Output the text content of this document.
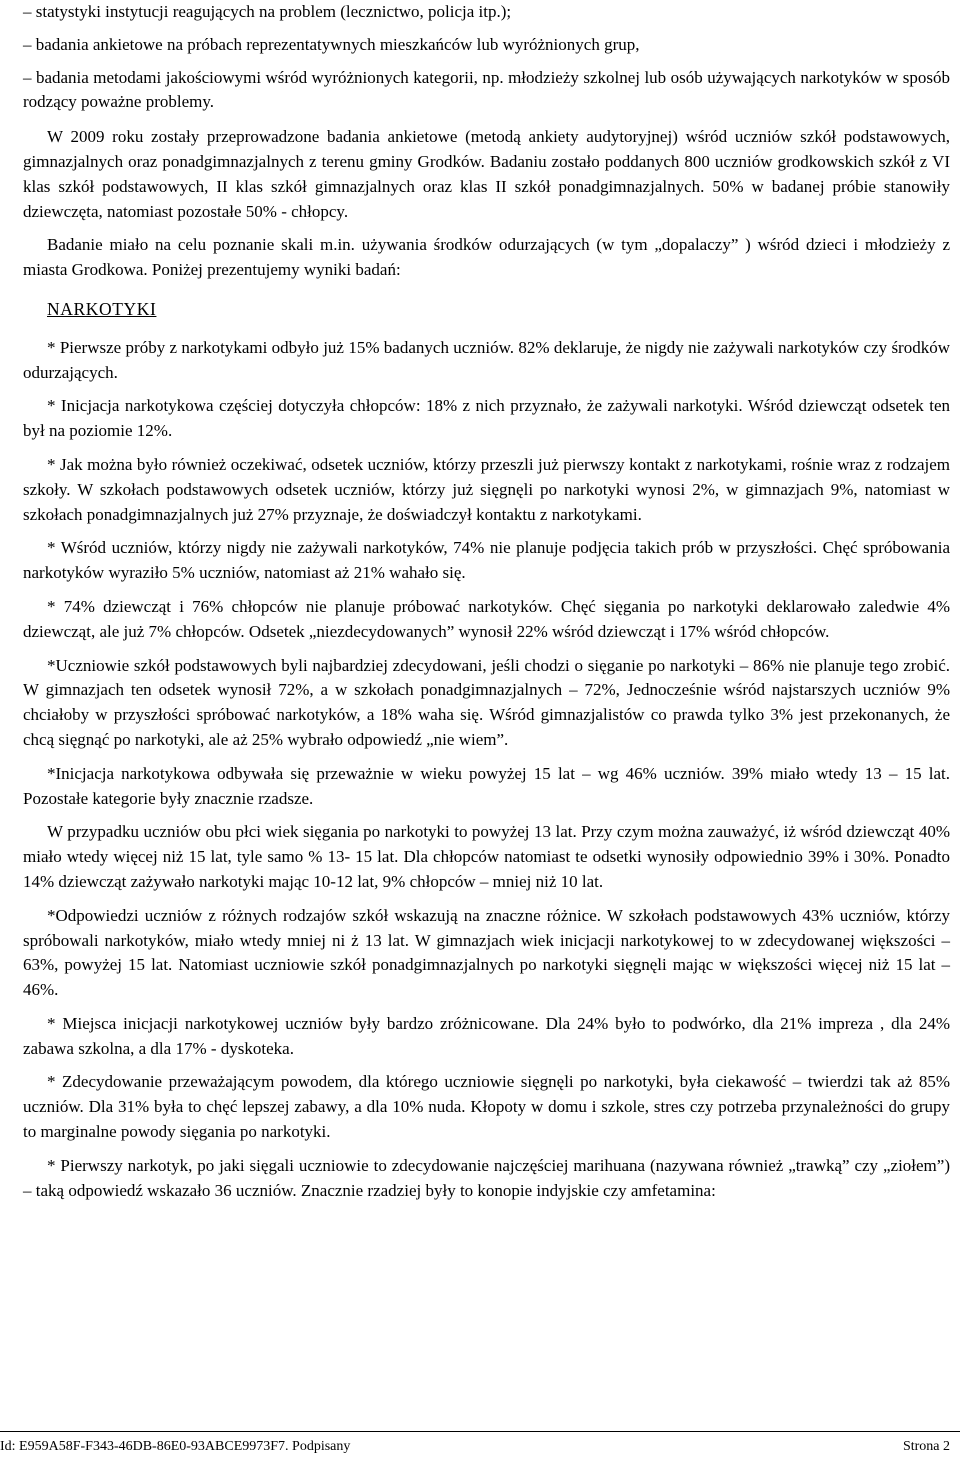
– statystyki instytucji reagujących na problem (lecznictwo, policja itp.);

– badania ankietowe na próbach reprezentatywnych mieszkańców lub wyróżnionych grup,

– badania metodami jakościowymi wśród wyróżnionych kategorii, np. młodzieży szkolnej lub osób używających narkotyków w sposób rodzący poważne problemy.

W 2009 roku zostały przeprowadzone badania ankietowe (metodą ankiety audytoryjnej) wśród uczniów szkół podstawowych, gimnazjalnych oraz ponadgimnazjalnych z terenu gminy Grodków. Badaniu zostało poddanych 800 uczniów grodkowskich szkół z VI klas szkół podstawowych, II klas szkół gimnazjalnych oraz klas II szkół ponadgimnazjalnych. 50% w badanej próbie stanowiły dziewczęta, natomiast pozostałe 50% - chłopcy.

Badanie miało na celu poznanie skali m.in. używania środków odurzających (w tym „dopalaczy” ) wśród dzieci i młodzieży z miasta Grodkowa. Poniżej prezentujemy wyniki badań:

NARKOTYKI

* Pierwsze próby z narkotykami odbyło już 15% badanych uczniów. 82% deklaruje, że nigdy nie zażywali narkotyków czy środków odurzających.

* Inicjacja narkotykowa częściej dotyczyła chłopców: 18% z nich przyznało, że zażywali narkotyki. Wśród dziewcząt odsetek ten był na poziomie 12%.

* Jak można było również oczekiwać, odsetek uczniów, którzy przeszli już pierwszy kontakt z narkotykami, rośnie wraz z rodzajem szkoły. W szkołach podstawowych odsetek uczniów, którzy już sięgnęli po narkotyki wynosi 2%, w gimnazjach 9%, natomiast w szkołach ponadgimnazjalnych już 27% przyznaje, że doświadczył kontaktu z narkotykami.

* Wśród uczniów, którzy nigdy nie zażywali narkotyków, 74% nie planuje podjęcia takich prób w przyszłości. Chęć spróbowania narkotyków wyraziło 5% uczniów, natomiast aż 21% wahało się.

* 74% dziewcząt i 76% chłopców nie planuje próbować narkotyków. Chęć sięgania po narkotyki deklarowało zaledwie 4% dziewcząt, ale już 7% chłopców. Odsetek „niezdecydowanych” wynosił 22% wśród dziewcząt i 17% wśród chłopców.

*Uczniowie szkół podstawowych byli najbardziej zdecydowani, jeśli chodzi o sięganie po narkotyki – 86% nie planuje tego zrobić. W gimnazjach ten odsetek wynosił 72%, a w szkołach ponadgimnazjalnych – 72%, Jednocześnie wśród najstarszych uczniów 9% chciałoby w przyszłości spróbować narkotyków, a 18% waha się. Wśród gimnazjalistów co prawda tylko 3% jest przekonanych, że chcą sięgnąć po narkotyki, ale aż 25% wybrało odpowiedź „nie wiem”.

*Inicjacja narkotykowa odbywała się przeważnie w wieku powyżej 15 lat – wg 46% uczniów. 39% miało wtedy 13 – 15 lat. Pozostałe kategorie były znacznie rzadsze.

W przypadku uczniów obu płci wiek sięgania po narkotyki to powyżej 13 lat. Przy czym można zauważyć, iż wśród dziewcząt 40% miało wtedy więcej niż 15 lat, tyle samo % 13- 15 lat. Dla chłopców natomiast te odsetki wynosiły odpowiednio 39% i 30%. Ponadto 14% dziewcząt zażywało narkotyki mając 10-12 lat, 9% chłopców – mniej niż 10 lat.

*Odpowiedzi uczniów z różnych rodzajów szkół wskazują na znaczne różnice. W szkołach podstawowych 43% uczniów, którzy spróbowali narkotyków, miało wtedy mniej ni ż 13 lat. W gimnazjach wiek inicjacji narkotykowej to w zdecydowanej większości – 63%, powyżej 15 lat. Natomiast uczniowie szkół ponadgimnazjalnych po narkotyki sięgnęli mając w większości więcej niż 15 lat – 46%.

* Miejsca inicjacji narkotykowej uczniów były bardzo zróżnicowane. Dla 24% było to podwórko, dla 21% impreza , dla 24% zabawa szkolna, a dla 17% - dyskoteka.

* Zdecydowanie przeważającym powodem, dla którego uczniowie sięgnęli po narkotyki, była ciekawość – twierdzi tak aż 85% uczniów. Dla 31% była to chęć lepszej zabawy, a dla 10% nuda. Kłopoty w domu i szkole, stres czy potrzeba przynależności do grupy to marginalne powody sięgania po narkotyki.

* Pierwszy narkotyk, po jaki sięgali uczniowie to zdecydowanie najczęściej marihuana (nazywana również „trawką” czy „ziołem”) – taką odpowiedź wskazało 36 uczniów. Znacznie rzadziej były to konopie indyjskie czy amfetamina:

Id: E959A58F-F343-46DB-86E0-93ABCE9973F7. Podpisany	Strona 2
